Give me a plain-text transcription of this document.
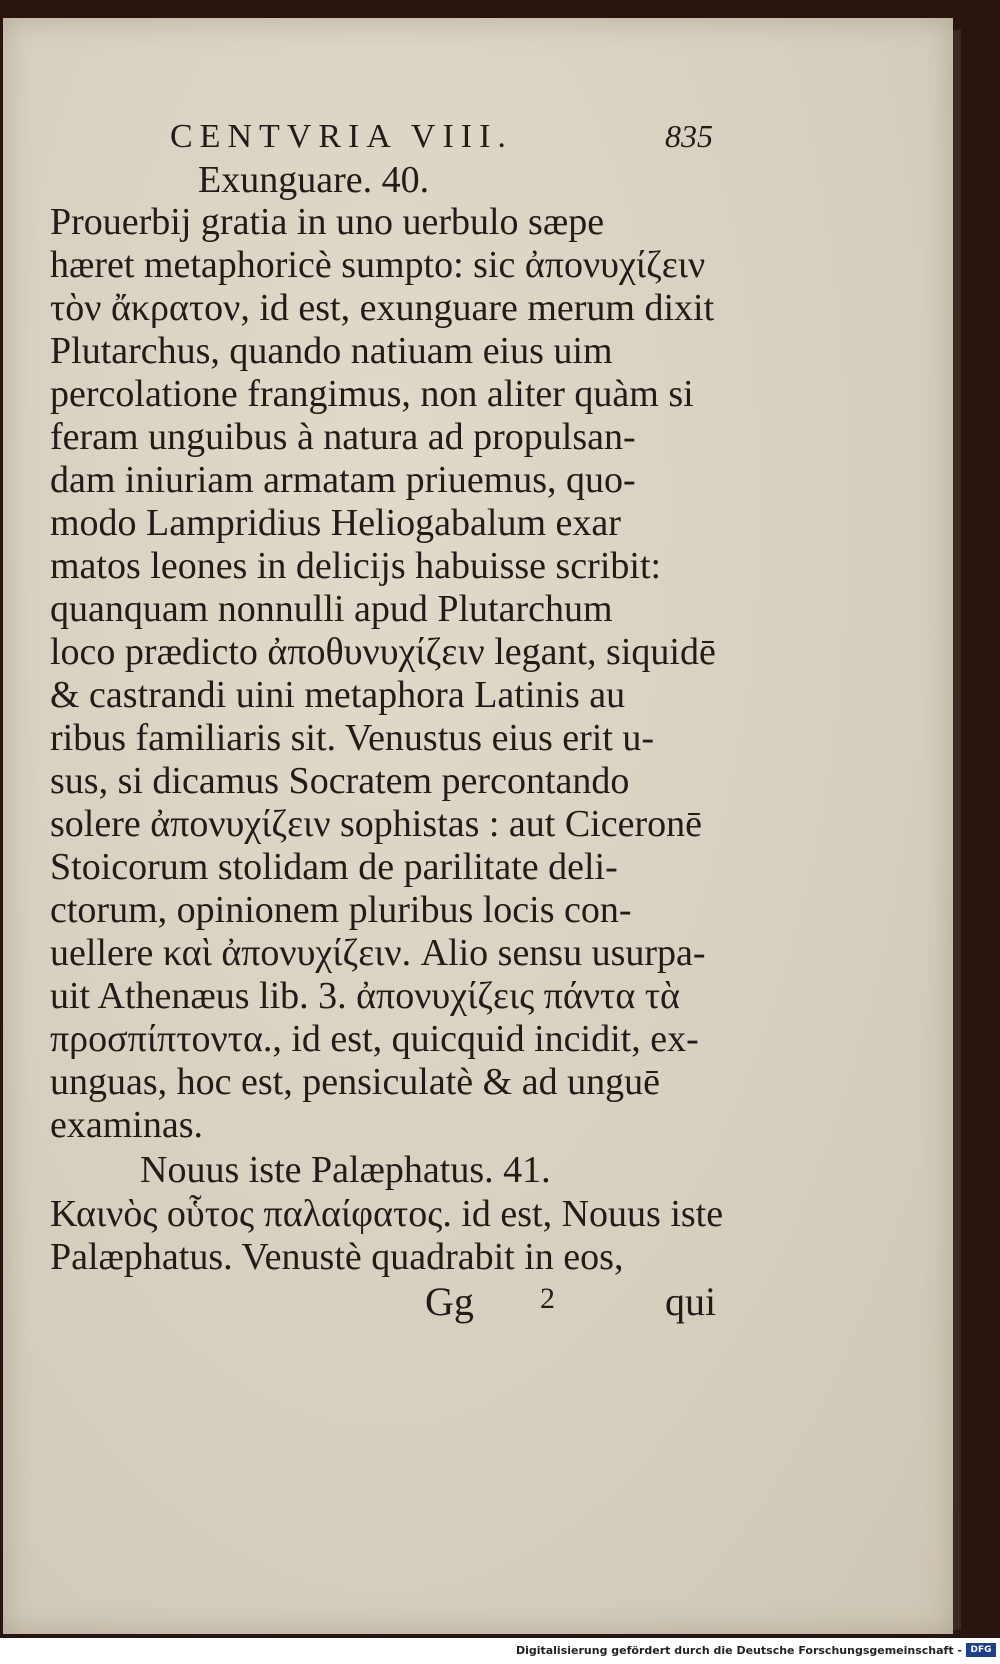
CENTVRIA VIII.	835
Exunguare. 40.
Prouerbij gratia in uno uerbulo sæpe
hæret metaphoricè sumpto: sic ἀπονυχίζειν
τὸν ἄκρατον, id est, exunguare merum dixit
Plutarchus, quando natiuam eius uim
percolatione frangimus, non aliter quàm si
feram unguibus à natura ad propulsan-
dam iniuriam armatam priuemus, quo-
modo Lampridius Heliogabalum exar
matos leones in delicijs habuisse scribit:
quanquam nonnulli apud Plutarchum
loco prædicto ἀποθυνυχίζειν legant, siquidē
& castrandi uini metaphora Latinis au
ribus familiaris sit. Venustus eius erit u-
sus, si dicamus Socratem percontando
solere ἀπονυχίζειν sophistas : aut Ciceronē
Stoicorum stolidam de parilitate deli-
ctorum, opinionem pluribus locis con-
uellere καὶ ἀπονυχίζειν. Alio sensu usurpa-
uit Athenæus lib. 3. ἀπονυχίζεις πάντα τὰ
προσπίπτοντα., id est, quicquid incidit, ex-
unguas, hoc est, pensiculatè & ad unguē
examinas.
Nouus iste Palæphatus. 41.
Καινὸς οὗτος παλαίφατος. id est, Nouus iste
Palæphatus. Venustè quadrabit in eos,
Gg 2	qui
Digitalisierung gefördert durch die Deutsche Forschungsgemeinschaft - DFG
